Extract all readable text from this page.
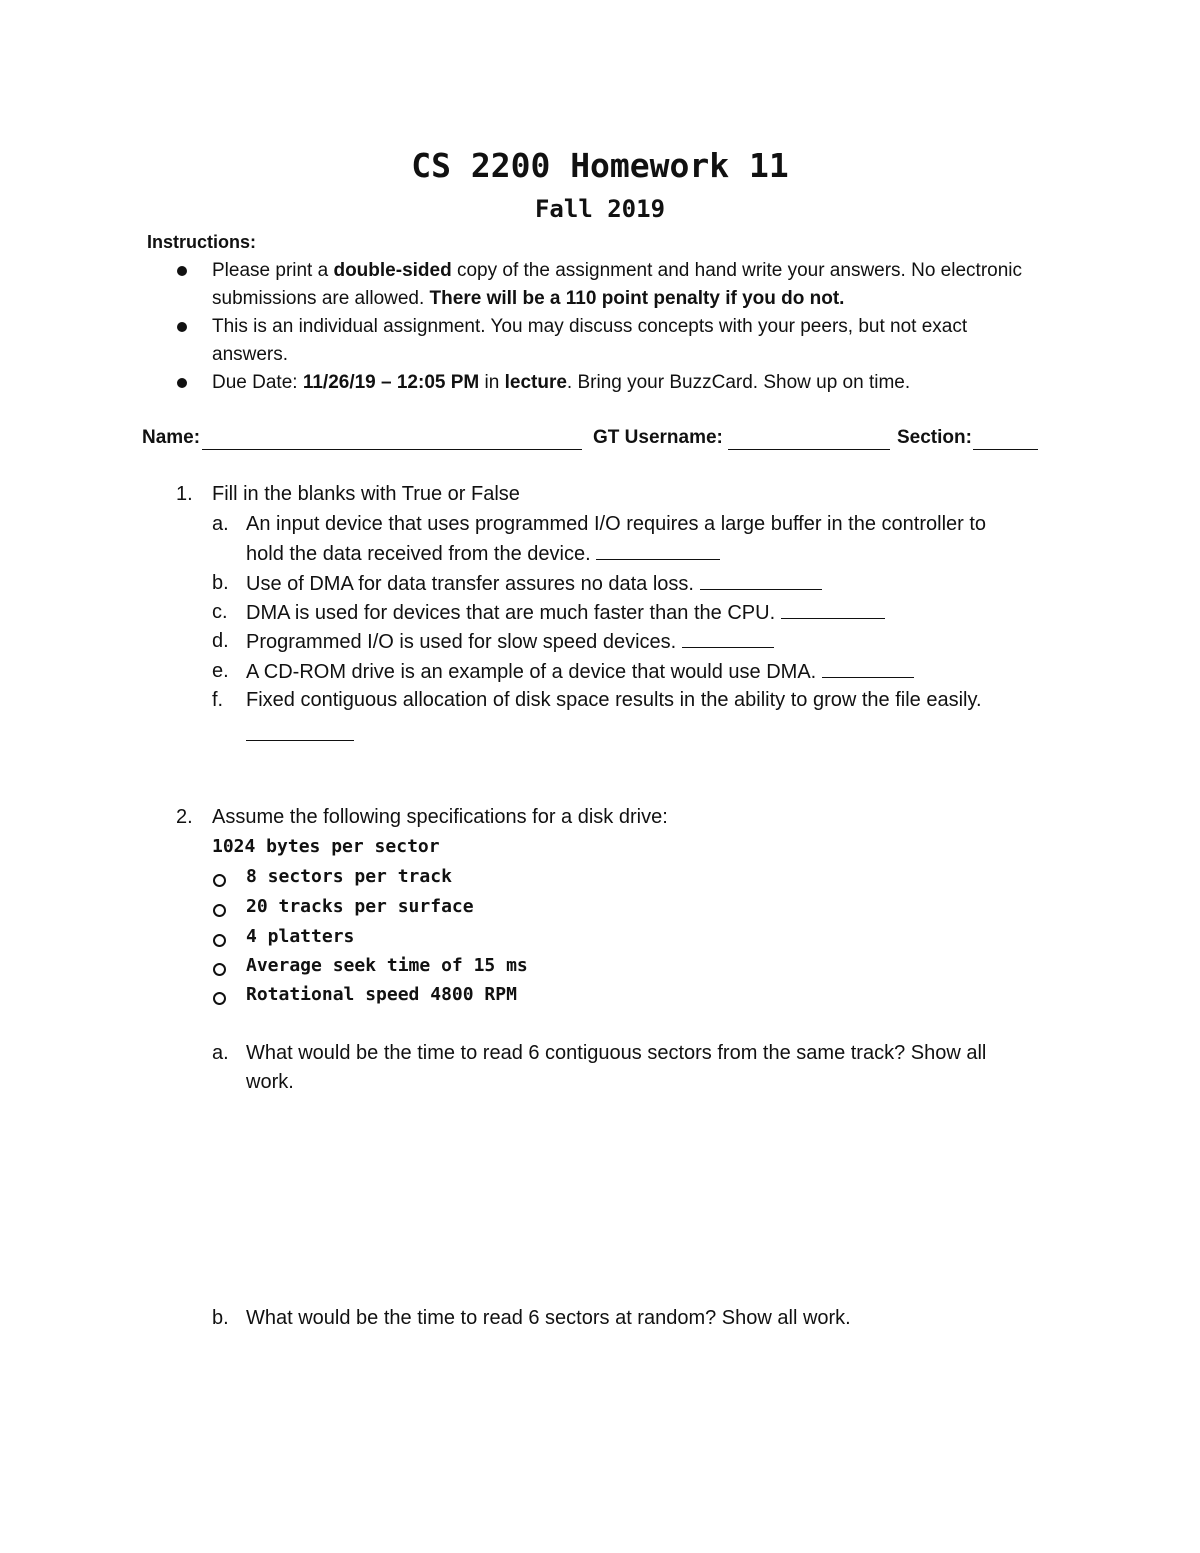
CS 2200 Homework 11
Fall 2019
Instructions:
Please print a double-sided copy of the assignment and hand write your answers. No electronic
submissions are allowed. There will be a 110 point penalty if you do not.
This is an individual assignment. You may discuss concepts with your peers, but not exact
answers.
Due Date: 11/26/19 – 12:05 PM in lecture. Bring your BuzzCard. Show up on time.
Name:	GT Username:	Section:
1. Fill in the blanks with True or False
a. An input device that uses programmed I/O requires a large buffer in the controller to
hold the data received from the device.
b. Use of DMA for data transfer assures no data loss.
c. DMA is used for devices that are much faster than the CPU.
d. Programmed I/O is used for slow speed devices.
e. A CD-ROM drive is an example of a device that would use DMA.
f. Fixed contiguous allocation of disk space results in the ability to grow the file easily.
2. Assume the following specifications for a disk drive:
1024 bytes per sector
8 sectors per track
20 tracks per surface
4 platters
Average seek time of 15 ms
Rotational speed 4800 RPM
a. What would be the time to read 6 contiguous sectors from the same track? Show all
work.
b. What would be the time to read 6 sectors at random? Show all work.
